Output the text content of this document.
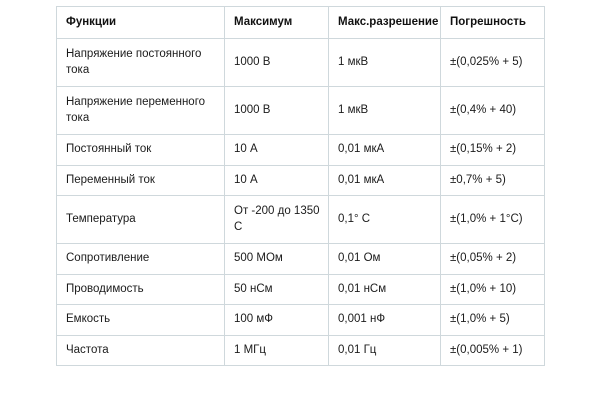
Функции	Максимум	Макс.разрешение	Погрешность
Напряжение постоянного тока	1000 В	1 мкВ	±(0,025% + 5)
Напряжение переменного тока	1000 В	1 мкВ	±(0,4% + 40)
Постоянный ток	10 А	0,01 мкА	±(0,15% + 2)
Переменный ток	10 А	0,01 мкА	±0,7% + 5)
Температура	От -200 до 1350 С	0,1° С	±(1,0% + 1°С)
Сопротивление	500 МОм	0,01 Ом	±(0,05% + 2)
Проводимость	50 нСм	0,01 нСм	±(1,0% + 10)
Емкость	100 мФ	0,001 нФ	±(1,0% + 5)
Частота	1 МГц	0,01 Гц	±(0,005% + 1)
